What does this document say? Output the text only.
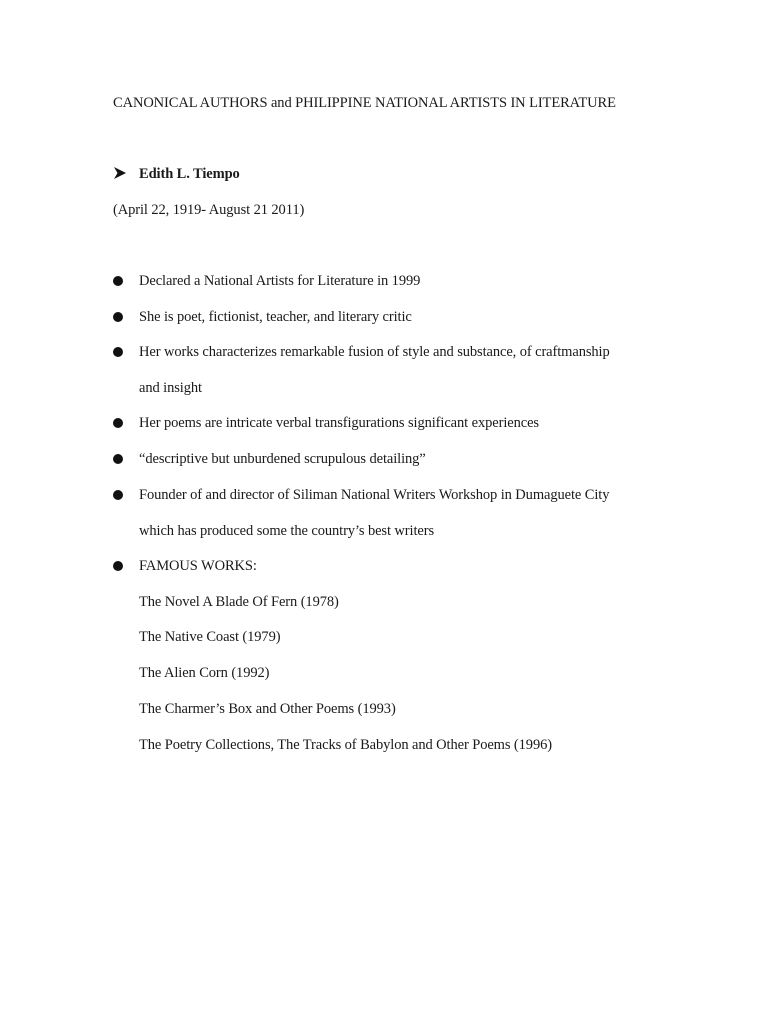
CANONICAL AUTHORS and PHILIPPINE NATIONAL ARTISTS IN LITERATURE
Edith L. Tiempo
(April 22, 1919- August 21 2011)
Declared a National Artists for Literature in 1999
She is poet, fictionist, teacher, and literary critic
Her works characterizes remarkable fusion of style and substance, of craftmanship
and insight
Her poems are intricate verbal transfigurations significant experiences
“descriptive but unburdened scrupulous detailing”
Founder of and director of Siliman National Writers Workshop in Dumaguete City
which has produced some the country’s best writers
FAMOUS WORKS:
The Novel A Blade Of Fern (1978)
The Native Coast (1979)
The Alien Corn (1992)
The Charmer’s Box and Other Poems (1993)
The Poetry Collections, The Tracks of Babylon and Other Poems (1996)
